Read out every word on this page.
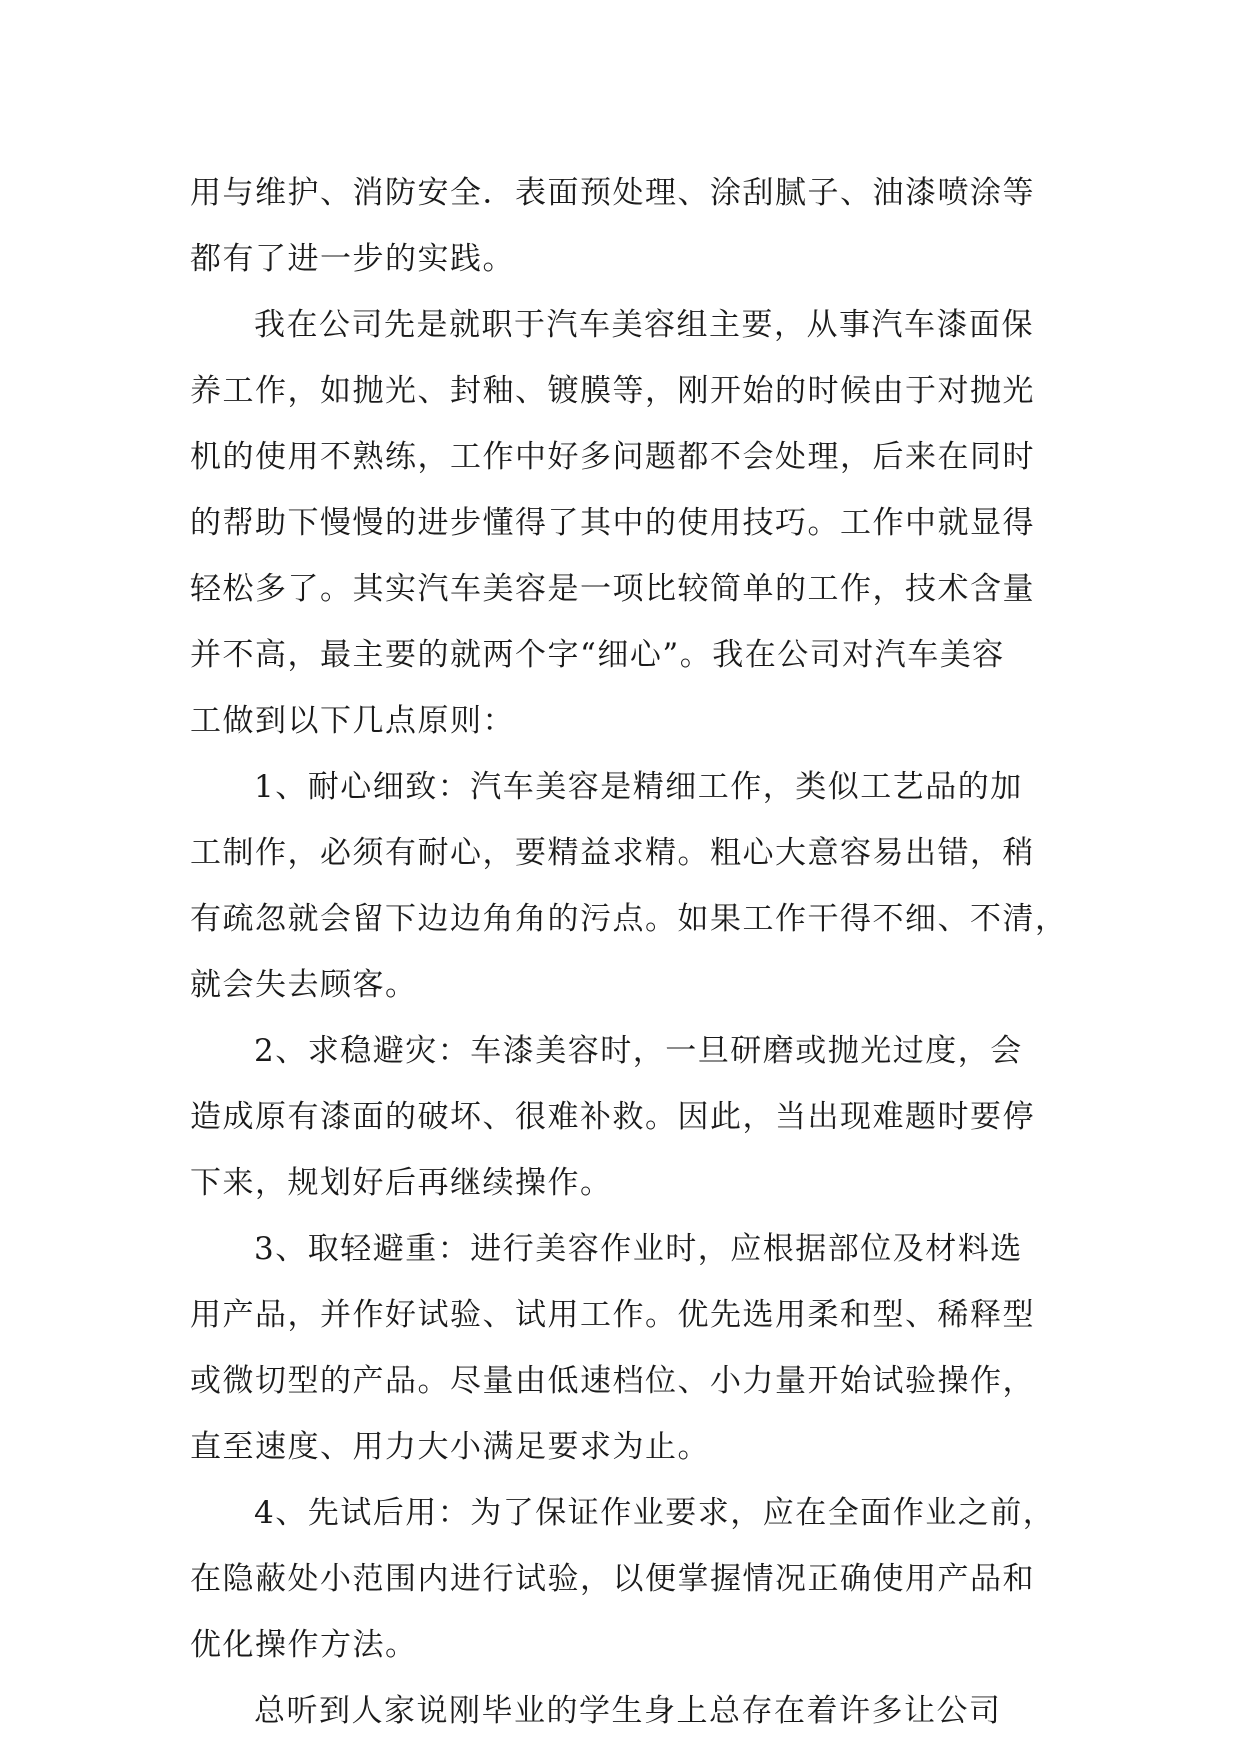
用与维护、消防安全．表面预处理、涂刮腻子、油漆喷涂等
都有了进一步的实践。
我在公司先是就职于汽车美容组主要，从事汽车漆面保
养工作，如抛光、封釉、镀膜等，刚开始的时候由于对抛光
机的使用不熟练，工作中好多问题都不会处理，后来在同时
的帮助下慢慢的进步懂得了其中的使用技巧。工作中就显得
轻松多了。其实汽车美容是一项比较简单的工作，技术含量
并不高，最主要的就两个字“细心”。我在公司对汽车美容
工做到以下几点原则：
1、耐心细致：汽车美容是精细工作，类似工艺品的加
工制作，必须有耐心，要精益求精。粗心大意容易出错，稍
有疏忽就会留下边边角角的污点。如果工作干得不细、不清，
就会失去顾客。
2、求稳避灾：车漆美容时，一旦研磨或抛光过度，会
造成原有漆面的破坏、很难补救。因此，当出现难题时要停
下来，规划好后再继续操作。
3、取轻避重：进行美容作业时，应根据部位及材料选
用产品，并作好试验、试用工作。优先选用柔和型、稀释型
或微切型的产品。尽量由低速档位、小力量开始试验操作，
直至速度、用力大小满足要求为止。
4、先试后用：为了保证作业要求，应在全面作业之前，
在隐蔽处小范围内进行试验，以便掌握情况正确使用产品和
优化操作方法。
总听到人家说刚毕业的学生身上总存在着许多让公司
